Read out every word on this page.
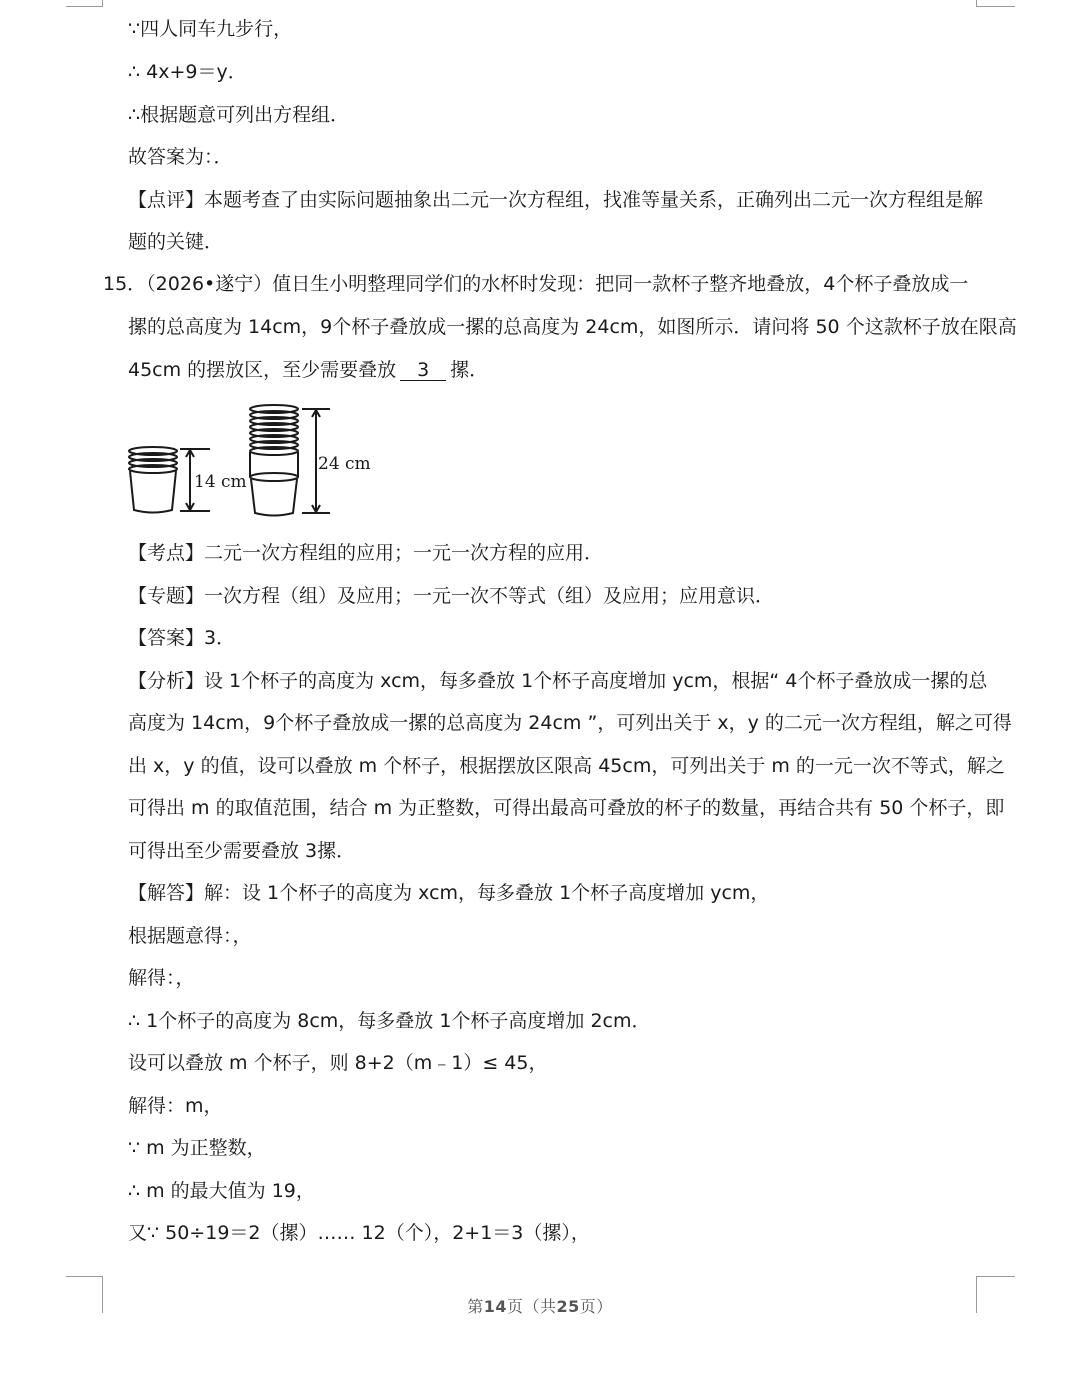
∵四人同车九步行，
∴ 4x+9＝y．
∴根据题意可列出方程组．
故答案为：．
【点评】本题考查了由实际问题抽象出二元一次方程组，找准等量关系，正确列出二元一次方程组是解
题的关键．
15．（2026•遂宁）值日生小明整理同学们的水杯时发现：把同一款杯子整齐地叠放，4个杯子叠放成一
摞的总高度为 14cm，9个杯子叠放成一摞的总高度为 24cm，如图所示．请问将 50 个这款杯子放在限高
45cm 的摆放区，至少需要叠放 3 摞．
14 cm
24 cm
【考点】二元一次方程组的应用；一元一次方程的应用．
【专题】一次方程（组）及应用；一元一次不等式（组）及应用；应用意识．
【答案】3．
【分析】设 1个杯子的高度为 xcm，每多叠放 1个杯子高度增加 ycm，根据“ 4个杯子叠放成一摞的总
高度为 14cm，9个杯子叠放成一摞的总高度为 24cm ”，可列出关于 x，y 的二元一次方程组，解之可得
出 x，y 的值，设可以叠放 m 个杯子，根据摆放区限高 45cm，可列出关于 m 的一元一次不等式，解之
可得出 m 的取值范围，结合 m 为正整数，可得出最高可叠放的杯子的数量，再结合共有 50 个杯子，即
可得出至少需要叠放 3摞．
【解答】解：设 1个杯子的高度为 xcm，每多叠放 1个杯子高度增加 ycm，
根据题意得：，
解得：，
∴ 1个杯子的高度为 8cm，每多叠放 1个杯子高度增加 2cm．
设可以叠放 m 个杯子，则 8+2（m﹣1）≤ 45，
解得：m，
∵ m 为正整数，
∴ m 的最大值为 19，
又∵ 50÷19＝2（摞）…… 12（个），2+1＝3（摞），
第14页（共25页）
